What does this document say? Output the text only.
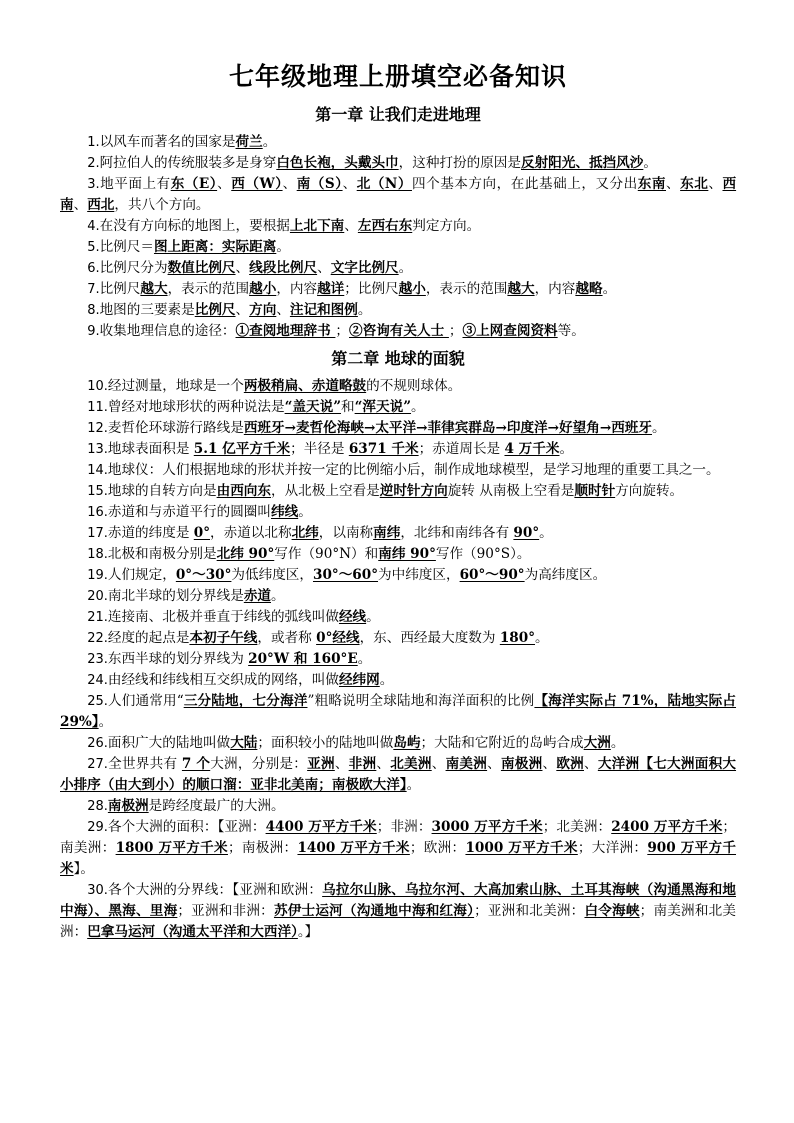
七年级地理上册填空必备知识
第一章 让我们走进地理

1.以风车而著名的国家是荷兰。

2.阿拉伯人的传统服装多是身穿白色长袍，头戴头巾，这种打扮的原因是反射阳光、抵挡风沙。

3.地平面上有东（E）、西（W）、南（S）、北（N）四个基本方向，在此基础上，又分出东南、东北、西南、西北，共八个方向。

4.在没有方向标的地图上，要根据上北下南、左西右东判定方向。

5.比例尺＝图上距离：实际距离。

6.比例尺分为数值比例尺、线段比例尺、文字比例尺。

7.比例尺越大，表示的范围越小，内容越详；比例尺越小，表示的范围越大，内容越略。

8.地图的三要素是比例尺、方向、注记和图例。

9.收集地理信息的途径：①查阅地理辞书 ；②咨询有关人士 ；③上网查阅资料等。

第二章 地球的面貌

10.经过测量，地球是一个两极稍扁、赤道略鼓的不规则球体。

11.曾经对地球形状的两种说法是“盖天说”和“浑天说”。

12.麦哲伦环球游行路线是西班牙→麦哲伦海峡→太平洋→菲律宾群岛→印度洋→好望角→西班牙。

13.地球表面积是 5.1 亿平方千米；半径是 6371 千米；赤道周长是 4 万千米。

14.地球仪：人们根据地球的形状并按一定的比例缩小后，制作成地球模型，是学习地理的重要工具之一。

15.地球的自转方向是由西向东，从北极上空看是逆时针方向旋转 从南极上空看是顺时针方向旋转。

16.赤道和与赤道平行的圆圈叫纬线。

17.赤道的纬度是 0°，赤道以北称北纬，以南称南纬，北纬和南纬各有 90°。

18.北极和南极分别是北纬 90°写作（90°N）和南纬 90°写作（90°S）。

19.人们规定，0°～30°为低纬度区，30°～60°为中纬度区，60°～90°为高纬度区。

20.南北半球的划分界线是赤道。

21.连接南、北极并垂直于纬线的弧线叫做经线。

22.经度的起点是本初子午线，或者称 0°经线，东、西经最大度数为 180°。

23.东西半球的划分界线为 20°W 和 160°E。

24.由经线和纬线相互交织成的网络，叫做经纬网。

25.人们通常用“三分陆地，七分海洋”粗略说明全球陆地和海洋面积的比例【海洋实际占 71%，陆地实际占 29%】。

26.面积广大的陆地叫做大陆；面积较小的陆地叫做岛屿；大陆和它附近的岛屿合成大洲。

27.全世界共有 7 个大洲，分别是：亚洲、非洲、北美洲、南美洲、南极洲、欧洲、大洋洲【七大洲面积大小排序（由大到小）的顺口溜：亚非北美南；南极欧大洋】。

28.南极洲是跨经度最广的大洲。

29.各个大洲的面积：【亚洲：4400 万平方千米；非洲：3000 万平方千米；北美洲：2400 万平方千米；南美洲：1800 万平方千米；南极洲：1400 万平方千米；欧洲：1000 万平方千米；大洋洲：900 万平方千米】。

30.各个大洲的分界线：【亚洲和欧洲：乌拉尔山脉、乌拉尔河、大高加索山脉、土耳其海峡（沟通黑海和地中海）、黑海、里海；亚洲和非洲：苏伊士运河（沟通地中海和红海）；亚洲和北美洲：白令海峡；南美洲和北美洲：巴拿马运河（沟通太平洋和大西洋）。】
